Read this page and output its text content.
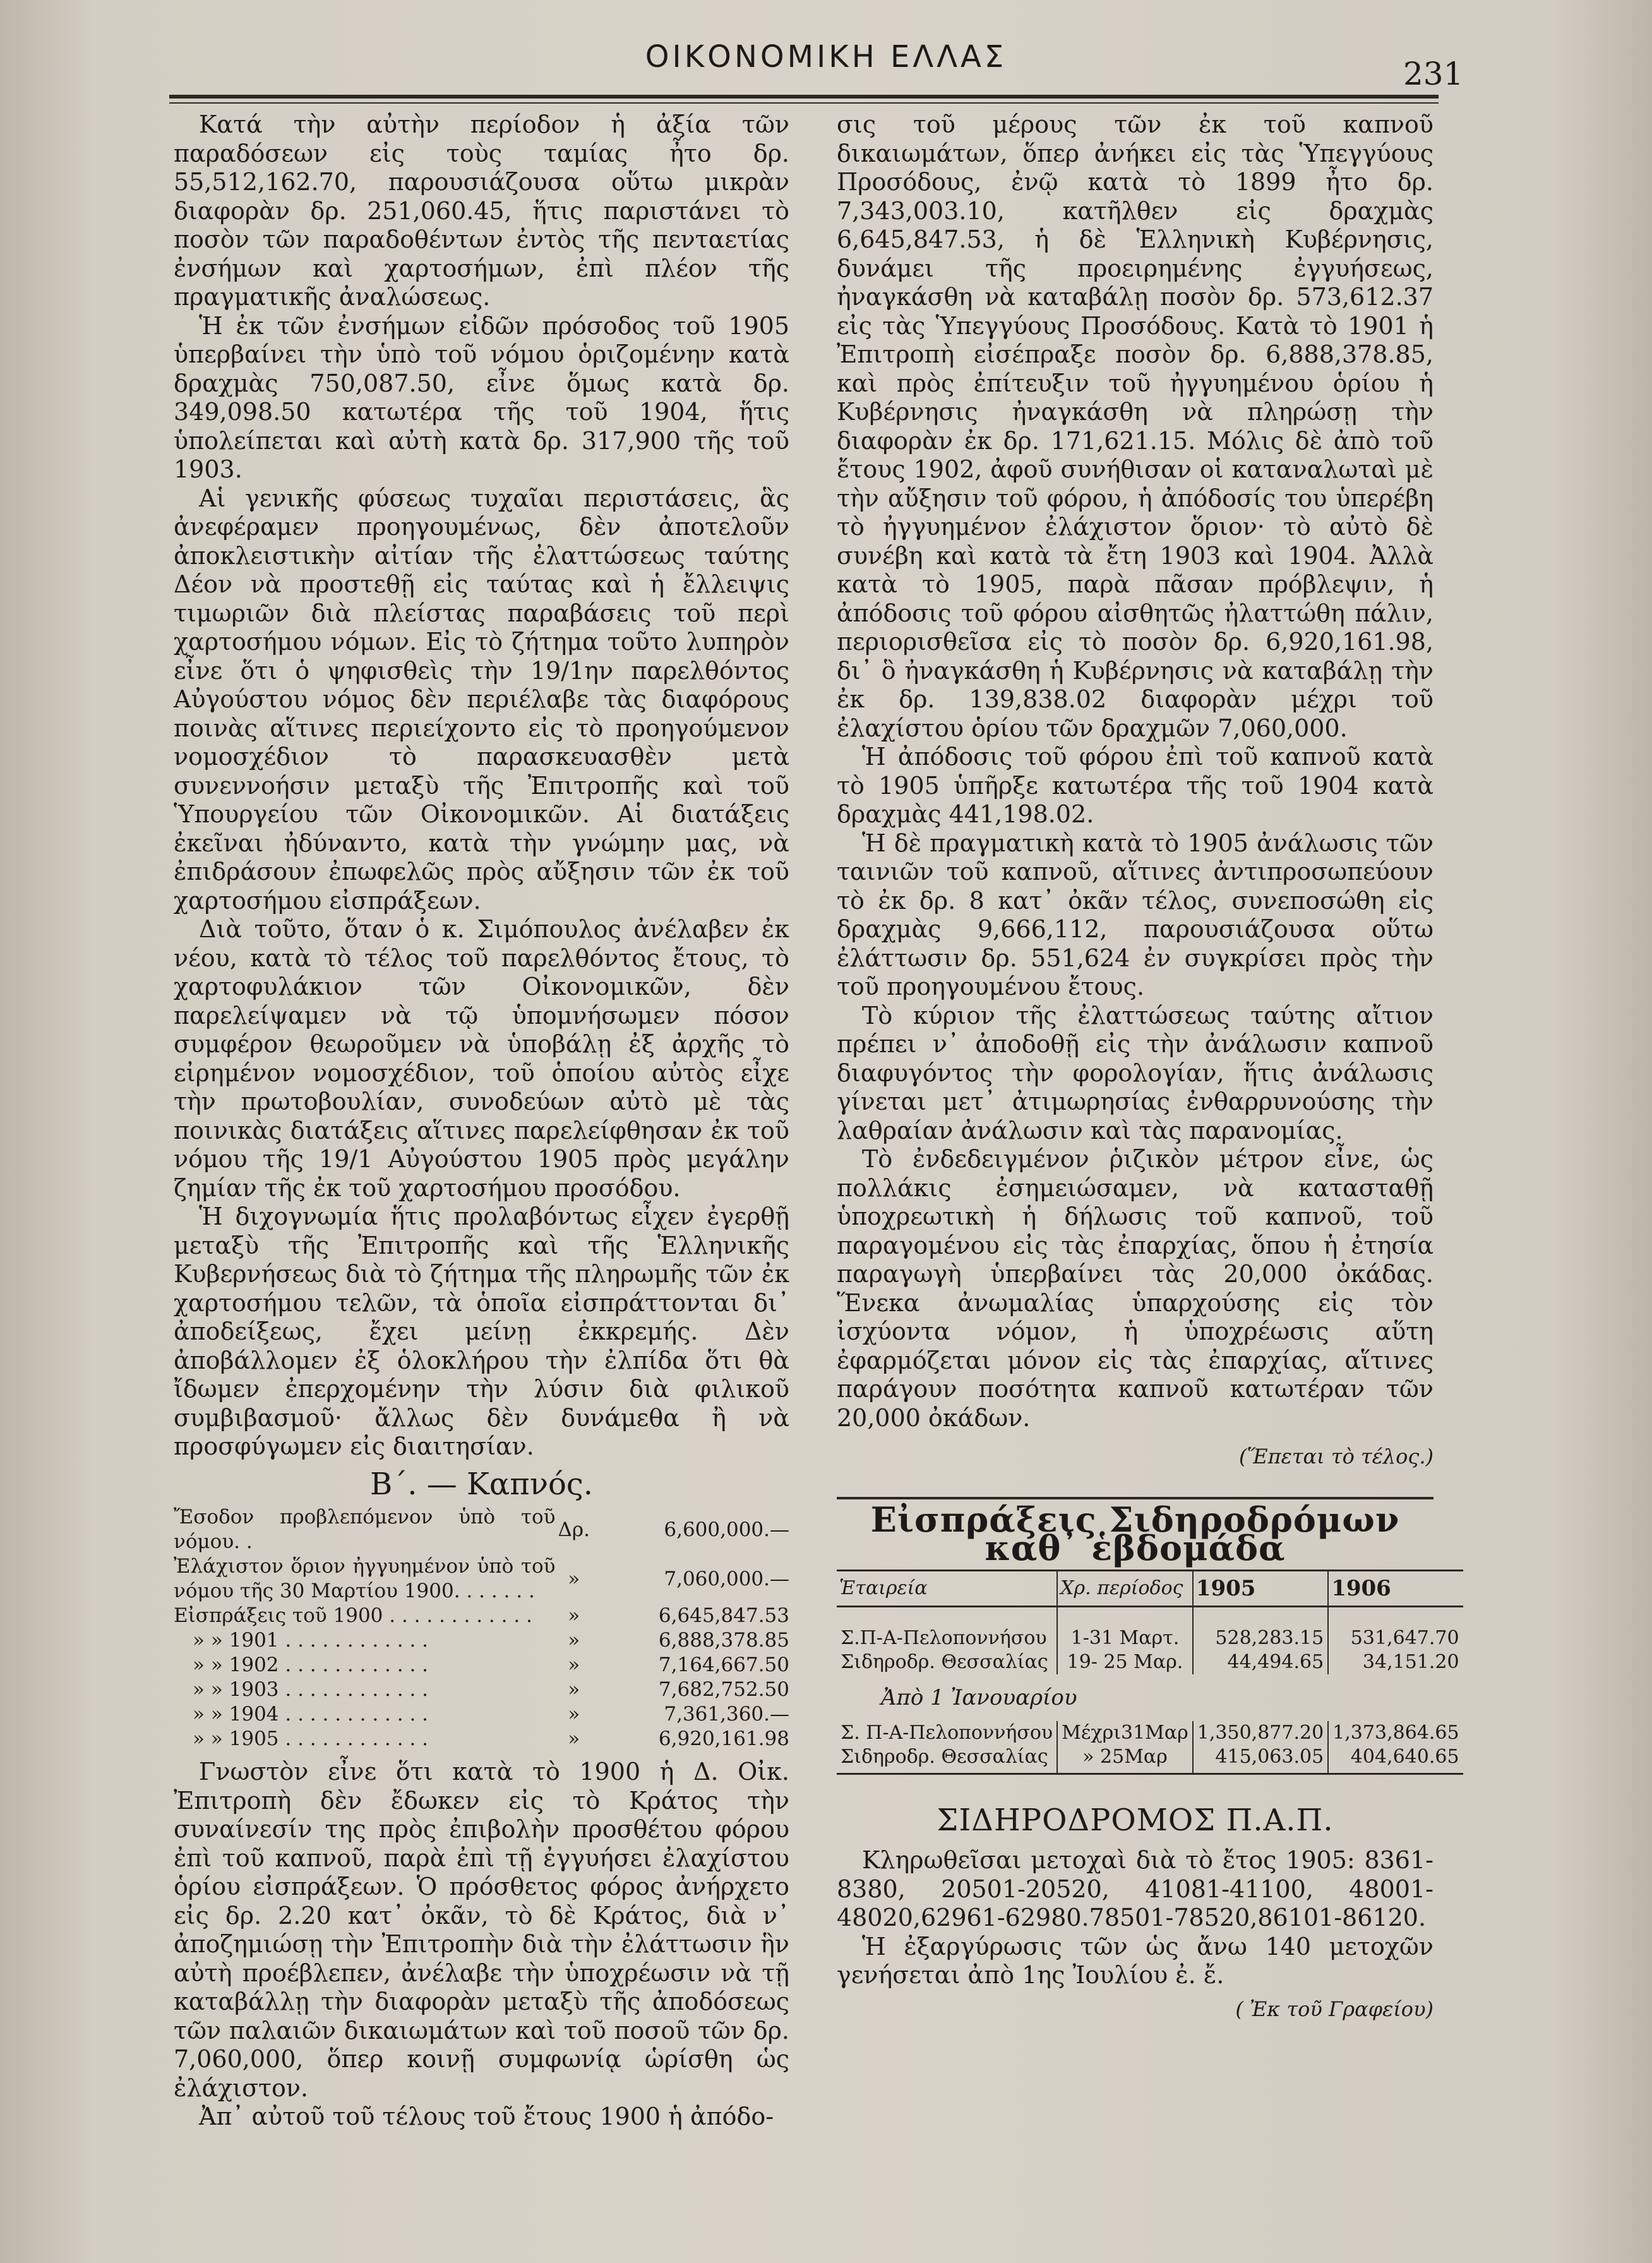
ΟΙΚΟΝΟΜΙΚΗ ΕΛΛΑΣ	231

Κατά τὴν αὐτὴν περίοδον ἡ ἀξία τῶν παραδόσεων εἰς τοὺς ταμίας ἦτο δρ. 55,512,162.70, παρουσιάζουσα οὕτω μικρὰν διαφορὰν δρ. 251,060.45, ἥτις παριστάνει τὸ ποσὸν τῶν παραδοθέντων ἐντὸς τῆς πενταετίας ἐνσήμων καὶ χαρτοσήμων, ἐπὶ πλέον τῆς πραγματικῆς ἀναλώσεως.

Ἡ ἐκ τῶν ἐνσήμων εἰδῶν πρόσοδος τοῦ 1905 ὑπερβαίνει τὴν ὑπὸ τοῦ νόμου ὁριζομένην κατὰ δραχμὰς 750,087.50, εἶνε ὅμως κατὰ δρ. 349,098.50 κατωτέρα τῆς τοῦ 1904, ἥτις ὑπολείπεται καὶ αὐτὴ κατὰ δρ. 317,900 τῆς τοῦ 1903.

Αἱ γενικῆς φύσεως τυχαῖαι περιστάσεις, ἃς ἀνεφέραμεν προηγουμένως, δὲν ἀποτελοῦν ἀποκλειστικὴν αἰτίαν τῆς ἐλαττώσεως ταύτης Δέον νὰ προστεθῇ εἰς ταύτας καὶ ἡ ἔλλειψις τιμωριῶν διὰ πλείστας παραβάσεις τοῦ περὶ χαρτοσήμου νόμων. Εἰς τὸ ζήτημα τοῦτο λυπηρὸν εἶνε ὅτι ὁ ψηφισθεὶς τὴν 19/1ην παρελθόντος Αὐγούστου νόμος δὲν περιέλαβε τὰς διαφόρους ποινὰς αἵτινες περιείχοντο εἰς τὸ προηγούμενον νομοσχέδιον τὸ παρασκευασθὲν μετὰ συνεννοήσιν μεταξὺ τῆς Ἐπιτροπῆς καὶ τοῦ Ὑπουργείου τῶν Οἰκονομικῶν. Αἱ διατάξεις ἐκεῖναι ἠδύναντο, κατὰ τὴν γνώμην μας, νὰ ἐπιδράσουν ἐπωφελῶς πρὸς αὔξησιν τῶν ἐκ τοῦ χαρτοσήμου εἰσπράξεων.

Διὰ τοῦτο, ὅταν ὁ κ. Σιμόπουλος ἀνέλαβεν ἐκ νέου, κατὰ τὸ τέλος τοῦ παρελθόντος ἔτους, τὸ χαρτοφυλάκιον τῶν Οἰκονομικῶν, δὲν παρελείψαμεν νὰ τῷ ὑπομνήσωμεν πόσον συμφέρον θεωροῦμεν νὰ ὑποβάλῃ ἐξ ἀρχῆς τὸ εἰρημένον νομοσχέδιον, τοῦ ὁποίου αὐτὸς εἶχε τὴν πρωτοβουλίαν, συνοδεύων αὐτὸ μὲ τὰς ποινικὰς διατάξεις αἵτινες παρελείφθησαν ἐκ τοῦ νόμου τῆς 19/1 Αὐγούστου 1905 πρὸς μεγάλην ζημίαν τῆς ἐκ τοῦ χαρτοσήμου προσόδου.

Ἡ διχογνωμία ἥτις προλαβόντως εἶχεν ἐγερθῇ μεταξὺ τῆς Ἐπιτροπῆς καὶ τῆς Ἑλληνικῆς Κυβερνήσεως διὰ τὸ ζήτημα τῆς πληρωμῆς τῶν ἐκ χαρτοσήμου τελῶν, τὰ ὁποῖα εἰσπράττονται δι᾽ ἀποδείξεως, ἔχει μείνῃ ἐκκρεμής. Δὲν ἀποβάλλομεν ἐξ ὁλοκλήρου τὴν ἐλπίδα ὅτι θὰ ἴδωμεν ἐπερχομένην τὴν λύσιν διὰ φιλικοῦ συμβιβασμοῦ· ἄλλως δὲν δυνάμεθα ἢ νὰ προσφύγωμεν εἰς διαιτησίαν.

Β΄. — Καπνός.
Ἔσοδον προβλεπόμενον ὑπὸ τοῦ νόμου. .	Δρ.	6,600,000.—
Ἐλάχιστον ὅριον ἠγγυημένον ὑπὸ τοῦ νόμου τῆς 30 Μαρτίου 1900. . . . . . .	»	7,060,000.—
Εἰσπράξεις τοῦ 1900 . . . . . . . . . . . .	»	6,645,847.53
» » 1901 . . . . . . . . . . . .	»	6,888,378.85
» » 1902 . . . . . . . . . . . .	»	7,164,667.50
» » 1903 . . . . . . . . . . . .	»	7,682,752.50
» » 1904 . . . . . . . . . . . .	»	7,361,360.—
» » 1905 . . . . . . . . . . . .	»	6,920,161.98

Γνωστὸν εἶνε ὅτι κατὰ τὸ 1900 ἡ Δ. Οἰκ. Ἐπιτροπὴ δὲν ἔδωκεν εἰς τὸ Κράτος τὴν συναίνεσίν της πρὸς ἐπιβολὴν προσθέτου φόρου ἐπὶ τοῦ καπνοῦ, παρὰ ἐπὶ τῇ ἐγγυήσει ἐλαχίστου ὁρίου εἰσπράξεων. Ὁ πρόσθετος φόρος ἀνήρχετο εἰς δρ. 2.20 κατ᾽ ὀκᾶν, τὸ δὲ Κράτος, διὰ ν᾽ ἀποζημιώσῃ τὴν Ἐπιτροπὴν διὰ τὴν ἐλάττωσιν ἣν αὐτὴ προέβλεπεν, ἀνέλαβε τὴν ὑποχρέωσιν νὰ τῇ καταβάλλῃ τὴν διαφορὰν μεταξὺ τῆς ἀποδόσεως τῶν παλαιῶν δικαιωμάτων καὶ τοῦ ποσοῦ τῶν δρ. 7,060,000, ὅπερ κοινῇ συμφωνίᾳ ὡρίσθη ὡς ἐλάχιστον.

Ἀπ᾽ αὐτοῦ τοῦ τέλους τοῦ ἔτους 1900 ἡ ἀπόδο-

σις τοῦ μέρους τῶν ἐκ τοῦ καπνοῦ δικαιωμάτων, ὅπερ ἀνήκει εἰς τὰς Ὑπεγγύους Προσόδους, ἐνῷ κατὰ τὸ 1899 ἦτο δρ. 7,343,003.10, κατῆλθεν εἰς δραχμὰς 6,645,847.53, ἡ δὲ Ἑλληνικὴ Κυβέρνησις, δυνάμει τῆς προειρημένης ἐγγυήσεως, ἠναγκάσθη νὰ καταβάλῃ ποσὸν δρ. 573,612.37 εἰς τὰς Ὑπεγγύους Προσόδους. Κατὰ τὸ 1901 ἡ Ἐπιτροπὴ εἰσέπραξε ποσὸν δρ. 6,888,378.85, καὶ πρὸς ἐπίτευξιν τοῦ ἠγγυημένου ὁρίου ἡ Κυβέρνησις ἠναγκάσθη νὰ πληρώσῃ τὴν διαφορὰν ἐκ δρ. 171,621.15. Μόλις δὲ ἀπὸ τοῦ ἔτους 1902, ἀφοῦ συνήθισαν οἱ καταναλωταὶ μὲ τὴν αὔξησιν τοῦ φόρου, ἡ ἀπόδοσίς του ὑπερέβη τὸ ἠγγυημένον ἐλάχιστον ὅριον· τὸ αὐτὸ δὲ συνέβη καὶ κατὰ τὰ ἔτη 1903 καὶ 1904. Ἀλλὰ κατὰ τὸ 1905, παρὰ πᾶσαν πρόβλεψιν, ἡ ἀπόδοσις τοῦ φόρου αἰσθητῶς ἠλαττώθη πάλιν, περιορισθεῖσα εἰς τὸ ποσὸν δρ. 6,920,161.98, δι᾽ ὃ ἠναγκάσθη ἡ Κυβέρνησις νὰ καταβάλῃ τὴν ἐκ δρ. 139,838.02 διαφορὰν μέχρι τοῦ ἐλαχίστου ὁρίου τῶν δραχμῶν 7,060,000.

Ἡ ἀπόδοσις τοῦ φόρου ἐπὶ τοῦ καπνοῦ κατὰ τὸ 1905 ὑπῆρξε κατωτέρα τῆς τοῦ 1904 κατὰ δραχμὰς 441,198.02.

Ἡ δὲ πραγματικὴ κατὰ τὸ 1905 ἀνάλωσις τῶν ταινιῶν τοῦ καπνοῦ, αἵτινες ἀντιπροσωπεύουν τὸ ἐκ δρ. 8 κατ᾽ ὀκᾶν τέλος, συνεποσώθη εἰς δραχμὰς 9,666,112, παρουσιάζουσα οὕτω ἐλάττωσιν δρ. 551,624 ἐν συγκρίσει πρὸς τὴν τοῦ προηγουμένου ἔτους.

Τὸ κύριον τῆς ἐλαττώσεως ταύτης αἴτιον πρέπει ν᾽ ἀποδοθῇ εἰς τὴν ἀνάλωσιν καπνοῦ διαφυγόντος τὴν φορολογίαν, ἥτις ἀνάλωσις γίνεται μετ᾽ ἀτιμωρησίας ἐνθαρρυνούσης τὴν λαθραίαν ἀνάλωσιν καὶ τὰς παρανομίας.

Τὸ ἐνδεδειγμένον ῥιζικὸν μέτρον εἶνε, ὡς πολλάκις ἐσημειώσαμεν, νὰ κατασταθῇ ὑποχρεωτικὴ ἡ δήλωσις τοῦ καπνοῦ, τοῦ παραγομένου εἰς τὰς ἐπαρχίας, ὅπου ἡ ἐτησία παραγωγὴ ὑπερβαίνει τὰς 20,000 ὀκάδας. Ἕνεκα ἀνωμαλίας ὑπαρχούσης εἰς τὸν ἰσχύοντα νόμον, ἡ ὑποχρέωσις αὕτη ἐφαρμόζεται μόνον εἰς τὰς ἐπαρχίας, αἵτινες παράγουν ποσότητα καπνοῦ κατωτέραν τῶν 20,000 ὀκάδων.

(Ἕπεται τὸ τέλος.)
Εἰσπράξεις Σιδηροδρόμων καθ᾽ ἑβδομάδα
Ἑταιρεία	Χρ. περίοδος	1905	1906

Σ.Π-Α-Πελοποννήσου	1-31 Μαρτ.	528,283.15	531,647.70
Σιδηροδρ. Θεσσαλίας	19- 25 Μαρ.	44,494.65	34,151.20
Ἀπὸ 1 Ἰανουαρίου			
Σ. Π-Α-Πελοποννήσου	Μέχρι31Μαρ	1,350,877.20	1,373,864.65
Σιδηροδρ. Θεσσαλίας	» 25Μαρ	415,063.05	404,640.65
ΣΙΔΗΡΟΔΡΟΜΟΣ Π.Α.Π.

Κληρωθεῖσαι μετοχαὶ διὰ τὸ ἔτος 1905: 8361-8380, 20501-20520, 41081-41100, 48001-48020,62961-62980.78501-78520,86101-86120.

Ἡ ἐξαργύρωσις τῶν ὡς ἄνω 140 μετοχῶν γενήσεται ἀπὸ 1ης Ἰουλίου ἐ. ἔ.

( Ἐκ τοῦ Γραφείου)
